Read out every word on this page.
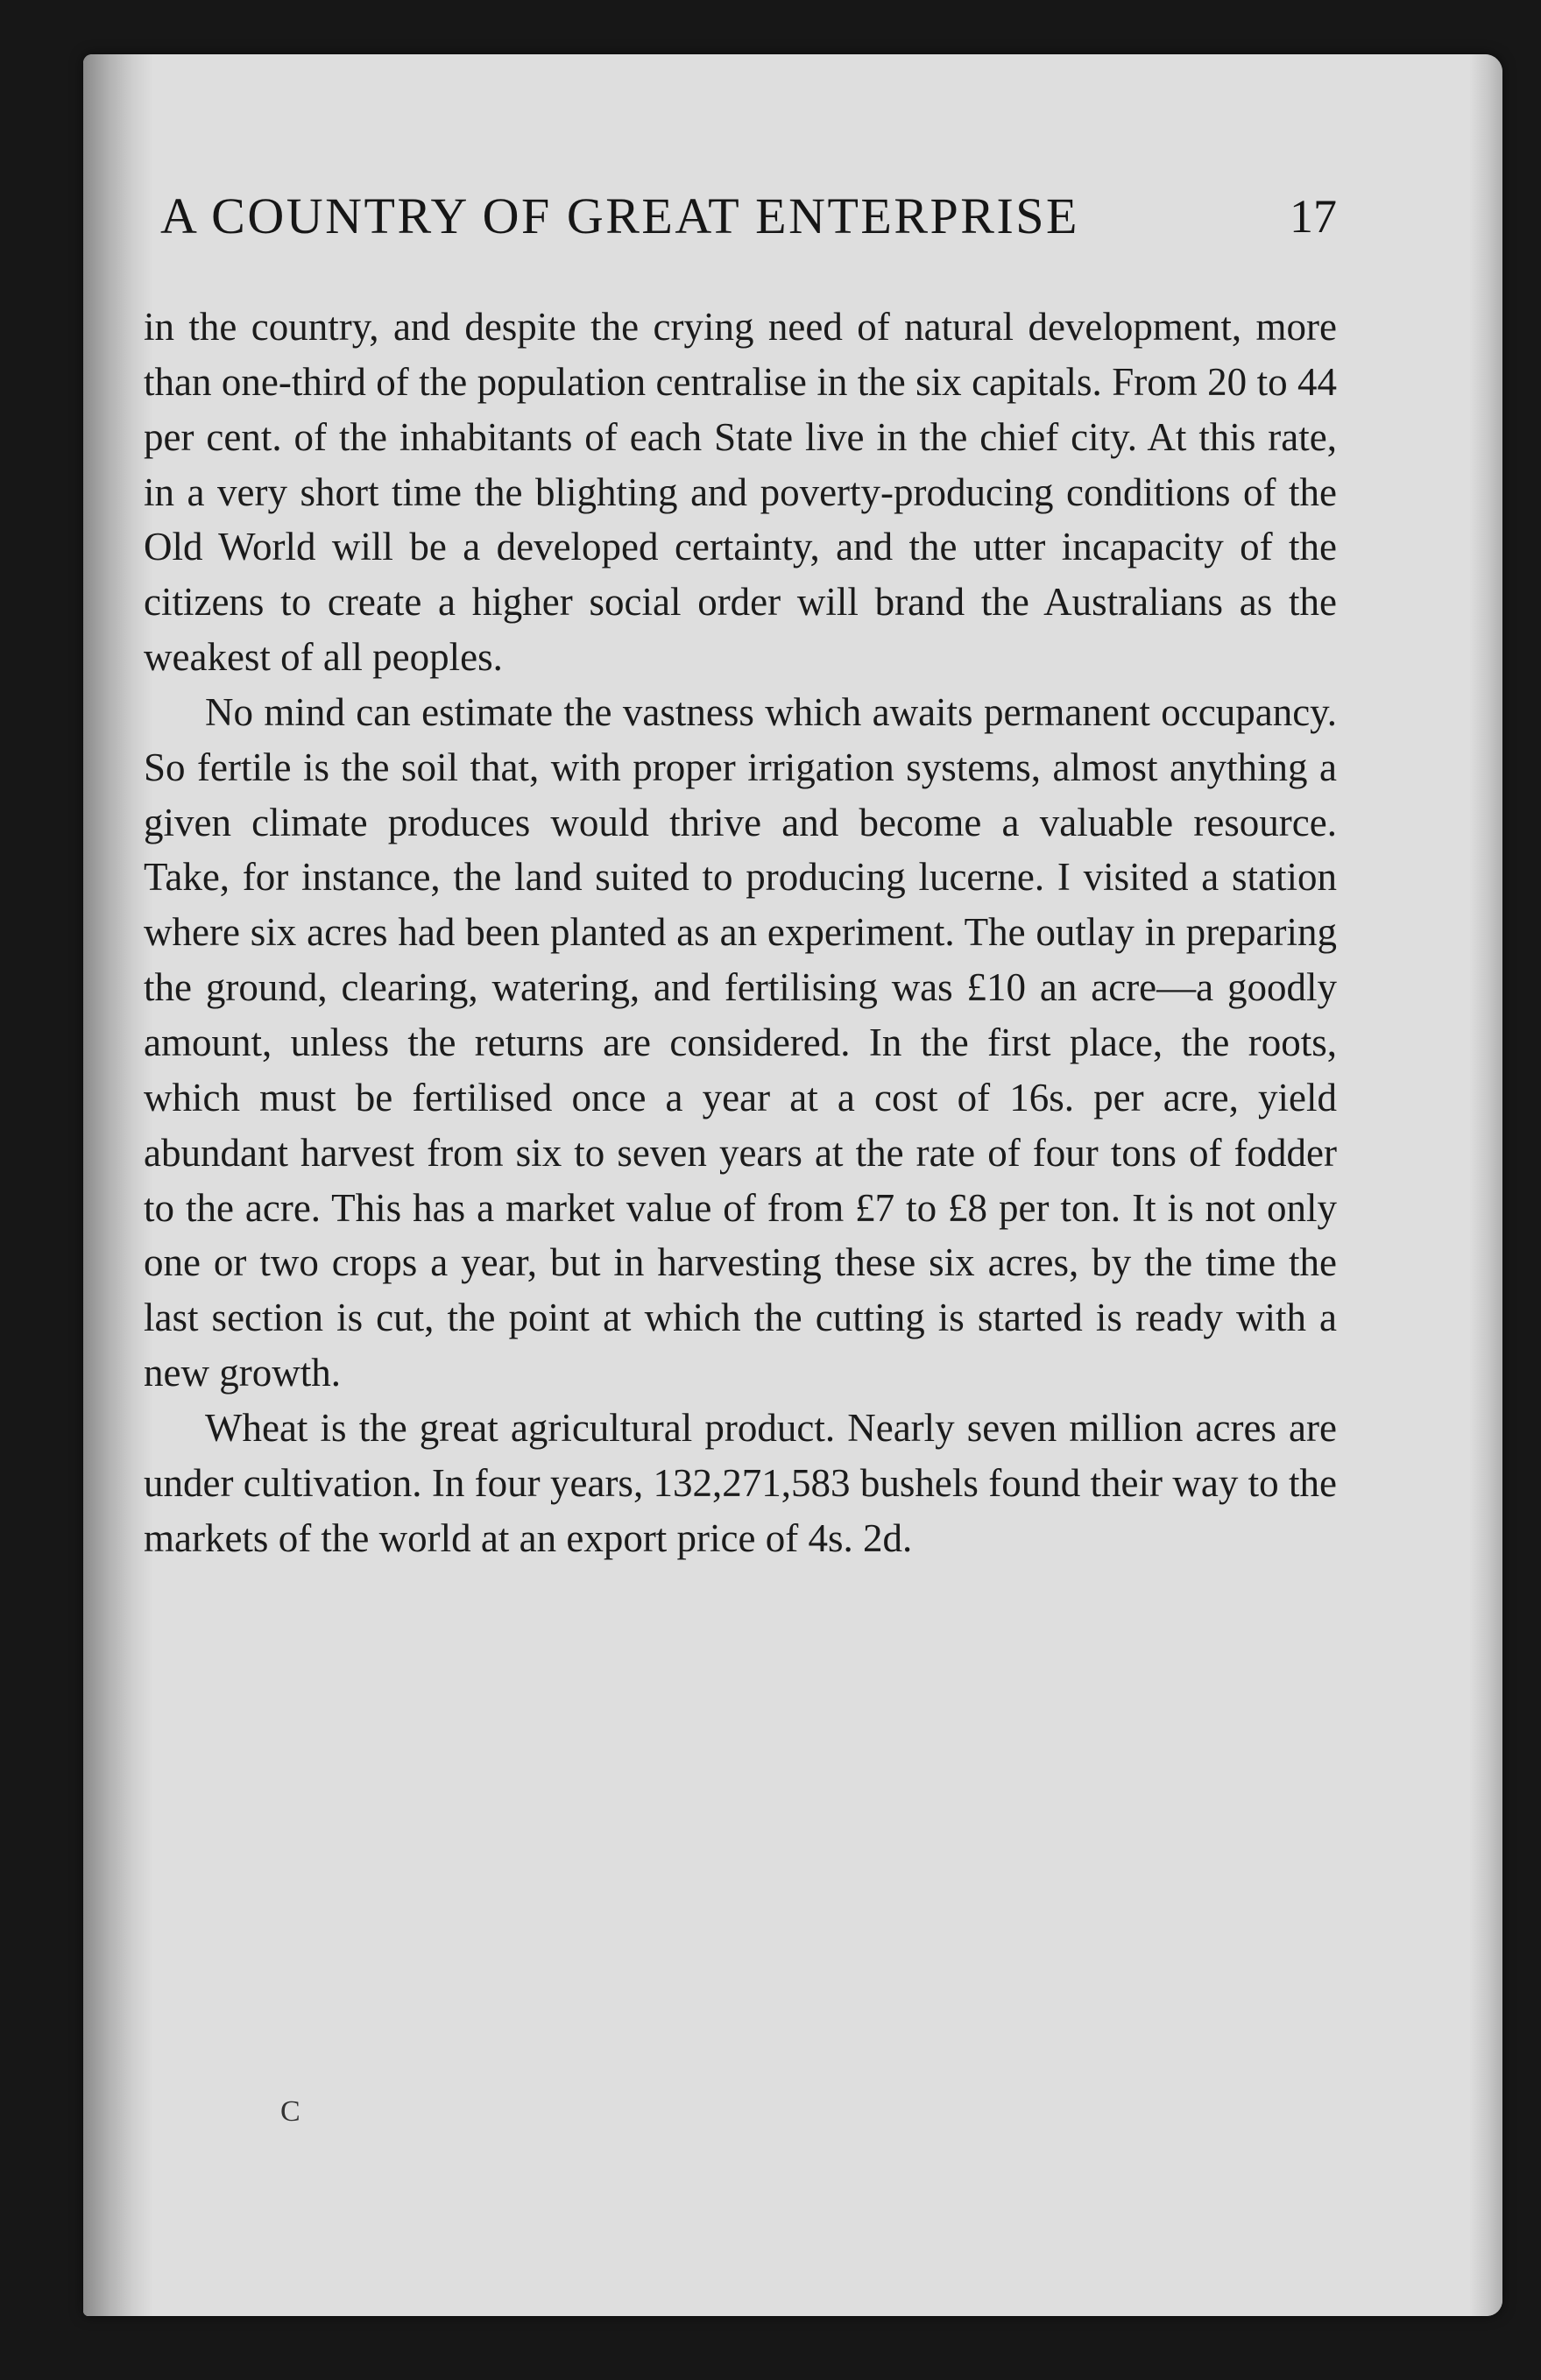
A COUNTRY OF GREAT ENTERPRISE	17

in the country, and despite the crying need of natural development, more than one-third of the population centralise in the six capitals. From 20 to 44 per cent. of the inhabitants of each State live in the chief city. At this rate, in a very short time the blighting and poverty-producing conditions of the Old World will be a developed certainty, and the utter incapacity of the citizens to create a higher social order will brand the Australians as the weakest of all peoples.

No mind can estimate the vastness which awaits permanent occupancy. So fertile is the soil that, with proper irrigation systems, almost anything a given climate produces would thrive and become a valuable resource. Take, for instance, the land suited to producing lucerne. I visited a station where six acres had been planted as an experiment. The outlay in preparing the ground, clearing, watering, and fertilising was £10 an acre—a goodly amount, unless the returns are considered. In the first place, the roots, which must be fertilised once a year at a cost of 16s. per acre, yield abundant harvest from six to seven years at the rate of four tons of fodder to the acre. This has a market value of from £7 to £8 per ton. It is not only one or two crops a year, but in harvesting these six acres, by the time the last section is cut, the point at which the cutting is started is ready with a new growth.

Wheat is the great agricultural product. Nearly seven million acres are under cultivation. In four years, 132,271,583 bushels found their way to the markets of the world at an export price of 4s. 2d.

C
